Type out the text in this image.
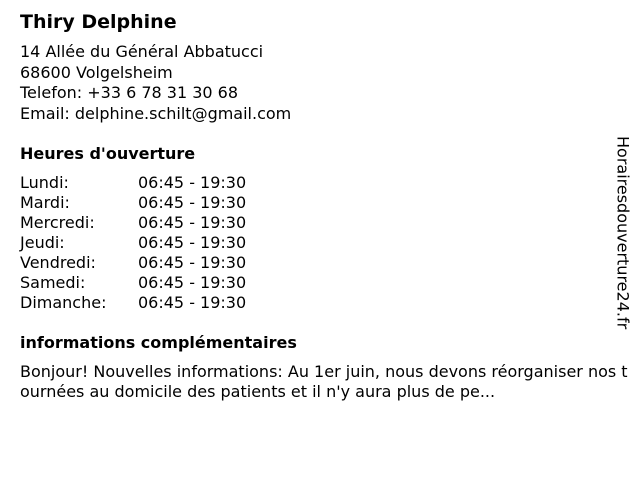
Thiry Delphine
14 Allée du Général Abbatucci
68600 Volgelsheim
Telefon: +33 6 78 31 30 68
Email: delphine.schilt@gmail.com
Heures d'ouverture
Lundi:	06:45 - 19:30
Mardi:	06:45 - 19:30
Mercredi:	06:45 - 19:30
Jeudi:	06:45 - 19:30
Vendredi:	06:45 - 19:30
Samedi:	06:45 - 19:30
Dimanche:	06:45 - 19:30
informations complémentaires
Bonjour! Nouvelles informations: Au 1er juin, nous devons réorganiser nos tournées au domicile des patients et il n'y aura plus de pe...
Horairesdouverture24.fr
